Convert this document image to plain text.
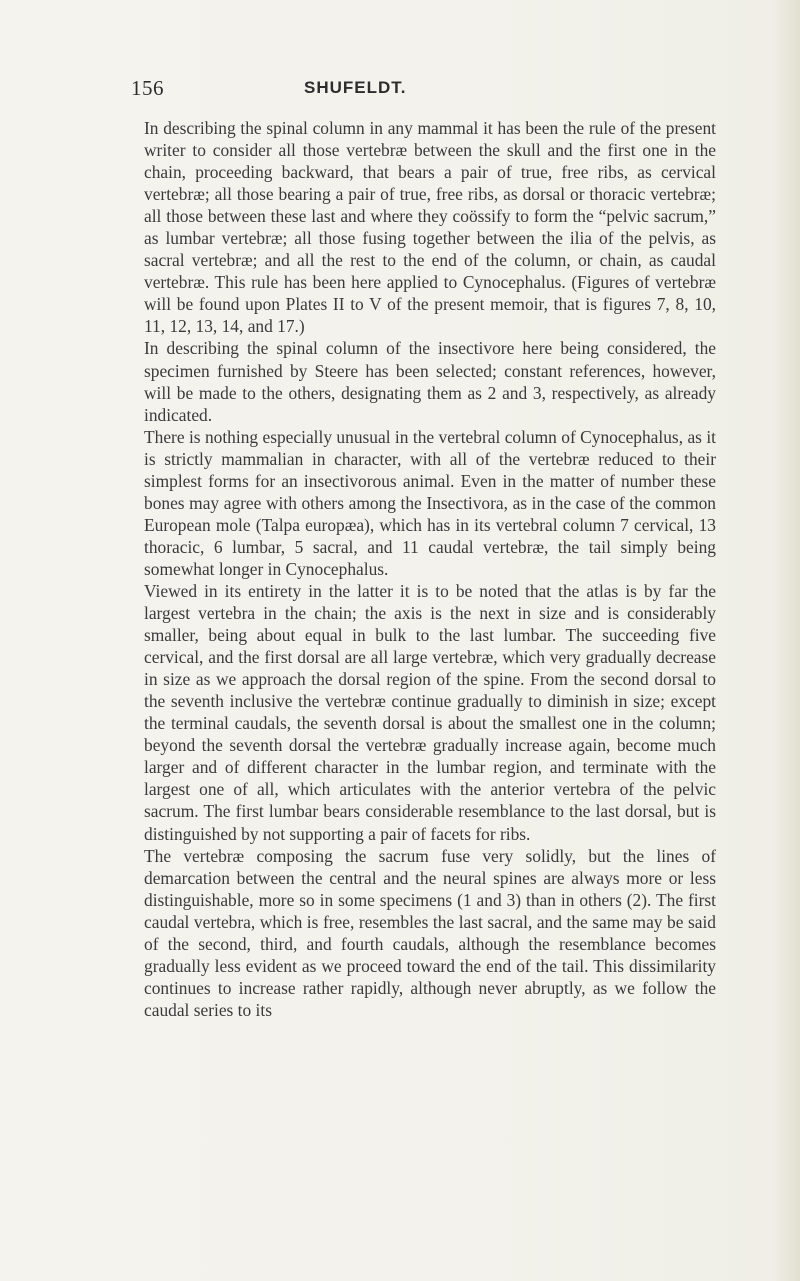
156	SHUFELDT.

In describing the spinal column in any mammal it has been the rule of the present writer to consider all those vertebræ between the skull and the first one in the chain, proceeding backward, that bears a pair of true, free ribs, as cervical vertebræ; all those bearing a pair of true, free ribs, as dorsal or thoracic vertebræ; all those between these last and where they coössify to form the “pelvic sacrum,” as lumbar vertebræ; all those fusing together between the ilia of the pelvis, as sacral vertebræ; and all the rest to the end of the column, or chain, as caudal vertebræ. This rule has been here applied to Cynocephalus. (Figures of vertebræ will be found upon Plates II to V of the present memoir, that is figures 7, 8, 10, 11, 12, 13, 14, and 17.)

In describing the spinal column of the insectivore here being considered, the specimen furnished by Steere has been selected; constant references, however, will be made to the others, designating them as 2 and 3, respectively, as already indicated.

There is nothing especially unusual in the vertebral column of Cynocephalus, as it is strictly mammalian in character, with all of the vertebræ reduced to their simplest forms for an insectivorous animal. Even in the matter of number these bones may agree with others among the Insectivora, as in the case of the common European mole (Talpa europæa), which has in its vertebral column 7 cervical, 13 thoracic, 6 lumbar, 5 sacral, and 11 caudal vertebræ, the tail simply being somewhat longer in Cynocephalus.

Viewed in its entirety in the latter it is to be noted that the atlas is by far the largest vertebra in the chain; the axis is the next in size and is considerably smaller, being about equal in bulk to the last lumbar. The succeeding five cervical, and the first dorsal are all large vertebræ, which very gradually decrease in size as we approach the dorsal region of the spine. From the second dorsal to the seventh inclusive the vertebræ continue gradually to diminish in size; except the terminal caudals, the seventh dorsal is about the smallest one in the column; beyond the seventh dorsal the vertebræ gradually increase again, become much larger and of different character in the lumbar region, and terminate with the largest one of all, which articulates with the anterior vertebra of the pelvic sacrum. The first lumbar bears considerable resemblance to the last dorsal, but is distinguished by not supporting a pair of facets for ribs.

The vertebræ composing the sacrum fuse very solidly, but the lines of demarcation between the central and the neural spines are always more or less distinguishable, more so in some specimens (1 and 3) than in others (2). The first caudal vertebra, which is free, resembles the last sacral, and the same may be said of the second, third, and fourth caudals, although the resemblance becomes gradually less evident as we proceed toward the end of the tail. This dissimilarity continues to increase rather rapidly, although never abruptly, as we follow the caudal series to its
